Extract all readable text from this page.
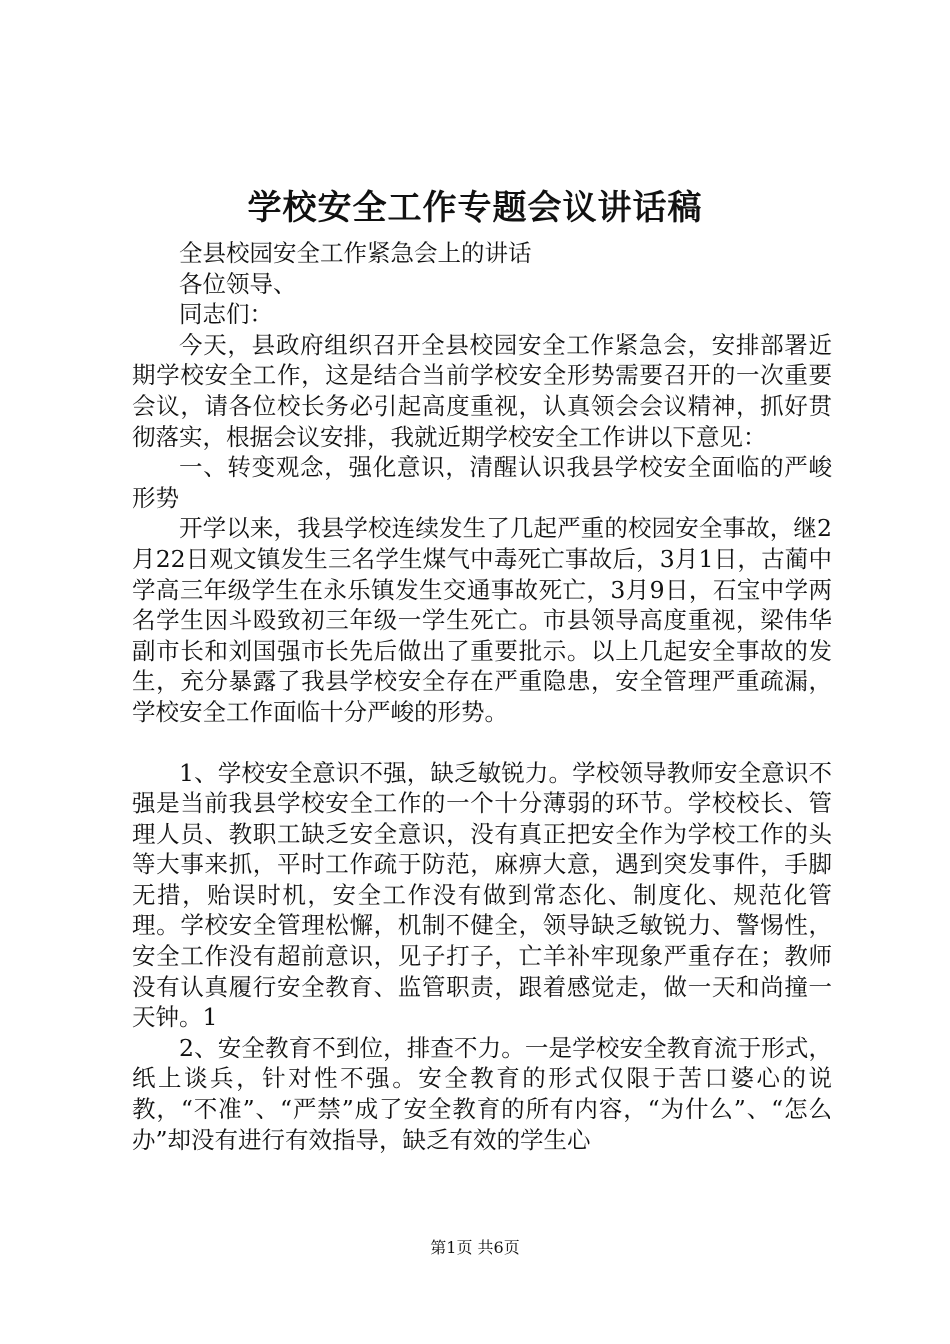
学校安全工作专题会议讲话稿

全县校园安全工作紧急会上的讲话

各位领导、

同志们：

今天，县政府组织召开全县校园安全工作紧急会，安排部署近期学校安全工作，这是结合当前学校安全形势需要召开的一次重要会议，请各位校长务必引起高度重视，认真领会会议精神，抓好贯彻落实，根据会议安排，我就近期学校安全工作讲以下意见：

一、转变观念，强化意识，清醒认识我县学校安全面临的严峻形势

开学以来，我县学校连续发生了几起严重的校园安全事故，继2月22日观文镇发生三名学生煤气中毒死亡事故后，3月1日，古蔺中学高三年级学生在永乐镇发生交通事故死亡，3月9日，石宝中学两名学生因斗殴致初三年级一学生死亡。市县领导高度重视，梁伟华副市长和刘国强市长先后做出了重要批示。以上几起安全事故的发生，充分暴露了我县学校安全存在严重隐患，安全管理严重疏漏，学校安全工作面临十分严峻的形势。

1、学校安全意识不强，缺乏敏锐力。学校领导教师安全意识不强是当前我县学校安全工作的一个十分薄弱的环节。学校校长、管理人员、教职工缺乏安全意识，没有真正把安全作为学校工作的头等大事来抓，平时工作疏于防范，麻痹大意，遇到突发事件，手脚无措，贻误时机，安全工作没有做到常态化、制度化、规范化管理。学校安全管理松懈，机制不健全，领导缺乏敏锐力、警惕性，安全工作没有超前意识，见子打子，亡羊补牢现象严重存在；教师没有认真履行安全教育、监管职责，跟着感觉走，做一天和尚撞一天钟。1

2、安全教育不到位，排查不力。一是学校安全教育流于形式，纸上谈兵，针对性不强。安全教育的形式仅限于苦口婆心的说教，“不准”、“严禁”成了安全教育的所有内容，“为什么”、“怎么办”却没有进行有效指导，缺乏有效的学生心

第1页 共6页
